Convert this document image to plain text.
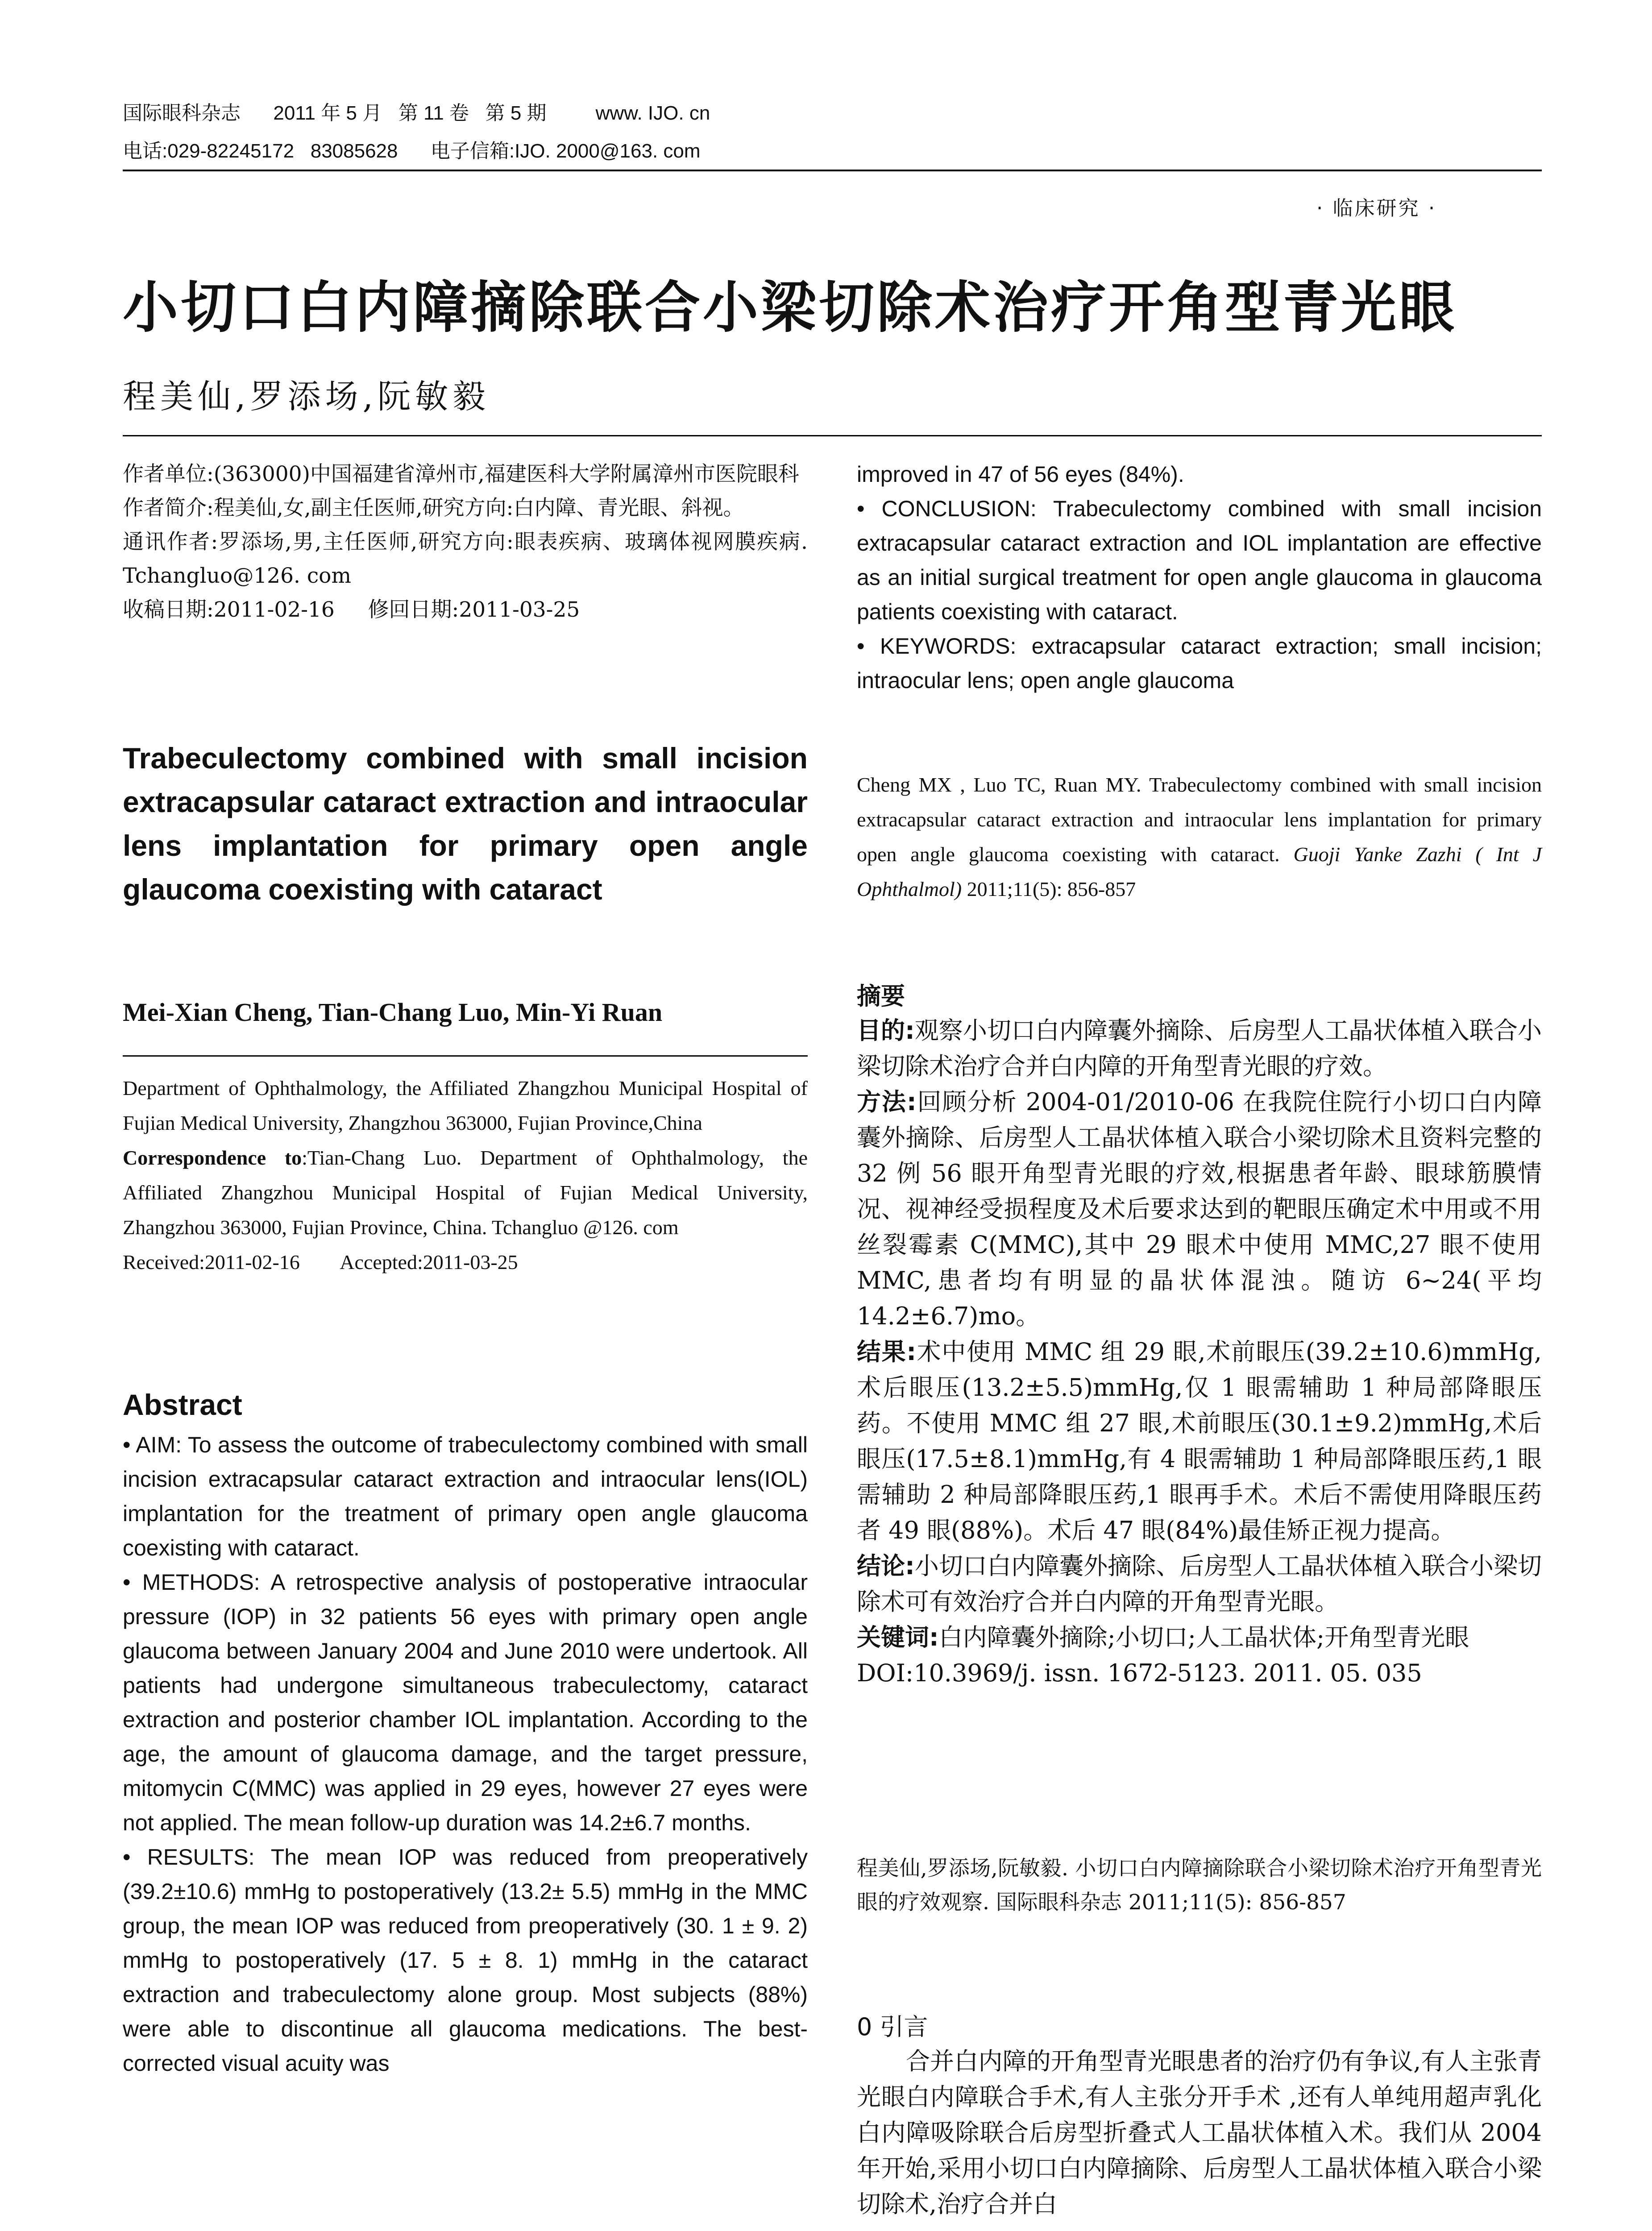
国际眼科杂志 2011 年 5 月 第 11 卷 第 5 期	www. IJO. cn
电话:029-82245172   83085628 电子信箱:IJO. 2000@163. com
· 临床研究 ·
小切口白内障摘除联合小梁切除术治疗开角型青光眼
程美仙,罗添场,阮敏毅

作者单位:(363000)中国福建省漳州市,福建医科大学附属漳州市医院眼科

作者简介:程美仙,女,副主任医师,研究方向:白内障、青光眼、斜视。

通讯作者:罗添场,男,主任医师,研究方向:眼表疾病、玻璃体视网膜疾病. Tchangluo@126. com

收稿日期:2011-02-16     修回日期:2011-03-25

Trabeculectomy combined with small incision extracapsular cataract extraction and intraocular lens implantation for primary open angle glaucoma coexisting with cataract
Mei-Xian Cheng, Tian-Chang Luo, Min-Yi Ruan

Department of Ophthalmology, the Affiliated Zhangzhou Municipal Hospital of Fujian Medical University, Zhangzhou 363000, Fujian Province,China

Correspondence to:Tian-Chang Luo. Department of Ophthalmology, the Affiliated Zhangzhou Municipal Hospital of Fujian Medical University, Zhangzhou 363000, Fujian Province, China. Tchangluo @126. com

Received:2011-02-16        Accepted:2011-03-25

Abstract

• AIM: To assess the outcome of trabeculectomy combined with small incision extracapsular cataract extraction and intraocular lens(IOL) implantation for the treatment of primary open angle glaucoma coexisting with cataract.

• METHODS: A retrospective analysis of postoperative intraocular pressure (IOP) in 32 patients 56 eyes with primary open angle glaucoma between January 2004 and June 2010 were undertook. All patients had undergone simultaneous trabeculectomy, cataract extraction and posterior chamber IOL implantation. According to the age, the amount of glaucoma damage, and the target pressure, mitomycin C(MMC) was applied in 29 eyes, however 27 eyes were not applied. The mean follow-up duration was 14.2±6.7 months.

• RESULTS: The mean IOP was reduced from preoperatively (39.2±10.6) mmHg to postoperatively (13.2± 5.5) mmHg in the MMC group, the mean IOP was reduced from preoperatively (30. 1 ± 9. 2) mmHg to postoperatively (17. 5 ± 8. 1) mmHg in the cataract extraction and trabeculectomy alone group. Most subjects (88%) were able to discontinue all glaucoma medications. The best-corrected visual acuity was

improved in 47 of 56 eyes (84%).

• CONCLUSION: Trabeculectomy combined with small incision extracapsular cataract extraction and IOL implantation are effective as an initial surgical treatment for open angle glaucoma in glaucoma patients coexisting with cataract.

• KEYWORDS: extracapsular cataract extraction; small incision; intraocular lens; open angle glaucoma

Cheng MX , Luo TC, Ruan MY. Trabeculectomy combined with small incision extracapsular cataract extraction and intraocular lens implantation for primary open angle glaucoma coexisting with cataract. Guoji Yanke Zazhi ( Int J Ophthalmol) 2011;11(5): 856-857
摘要

目的:观察小切口白内障囊外摘除、后房型人工晶状体植入联合小梁切除术治疗合并白内障的开角型青光眼的疗效。

方法:回顾分析 2004-01/2010-06 在我院住院行小切口白内障囊外摘除、后房型人工晶状体植入联合小梁切除术且资料完整的 32 例 56 眼开角型青光眼的疗效,根据患者年龄、眼球筋膜情况、视神经受损程度及术后要求达到的靶眼压确定术中用或不用丝裂霉素 C(MMC),其中 29 眼术中使用 MMC,27 眼不使用 MMC,患者均有明显的晶状体混浊。随访 6~24(平均 14.2±6.7)mo。

结果:术中使用 MMC 组 29 眼,术前眼压(39.2±10.6)mmHg,术后眼压(13.2±5.5)mmHg,仅 1 眼需辅助 1 种局部降眼压药。不使用 MMC 组 27 眼,术前眼压(30.1±9.2)mmHg,术后眼压(17.5±8.1)mmHg,有 4 眼需辅助 1 种局部降眼压药,1 眼需辅助 2 种局部降眼压药,1 眼再手术。术后不需使用降眼压药者 49 眼(88%)。术后 47 眼(84%)最佳矫正视力提高。

结论:小切口白内障囊外摘除、后房型人工晶状体植入联合小梁切除术可有效治疗合并白内障的开角型青光眼。

关键词:白内障囊外摘除;小切口;人工晶状体;开角型青光眼

DOI:10.3969/j. issn. 1672-5123. 2011. 05. 035

程美仙,罗添场,阮敏毅. 小切口白内障摘除联合小梁切除术治疗开角型青光眼的疗效观察. 国际眼科杂志 2011;11(5): 856-857
0 引言
合并白内障的开角型青光眼患者的治疗仍有争议,有人主张青光眼白内障联合手术,有人主张分开手术 ,还有人单纯用超声乳化白内障吸除联合后房型折叠式人工晶状体植入术。我们从 2004 年开始,采用小切口白内障摘除、后房型人工晶状体植入联合小梁切除术,治疗合并白
